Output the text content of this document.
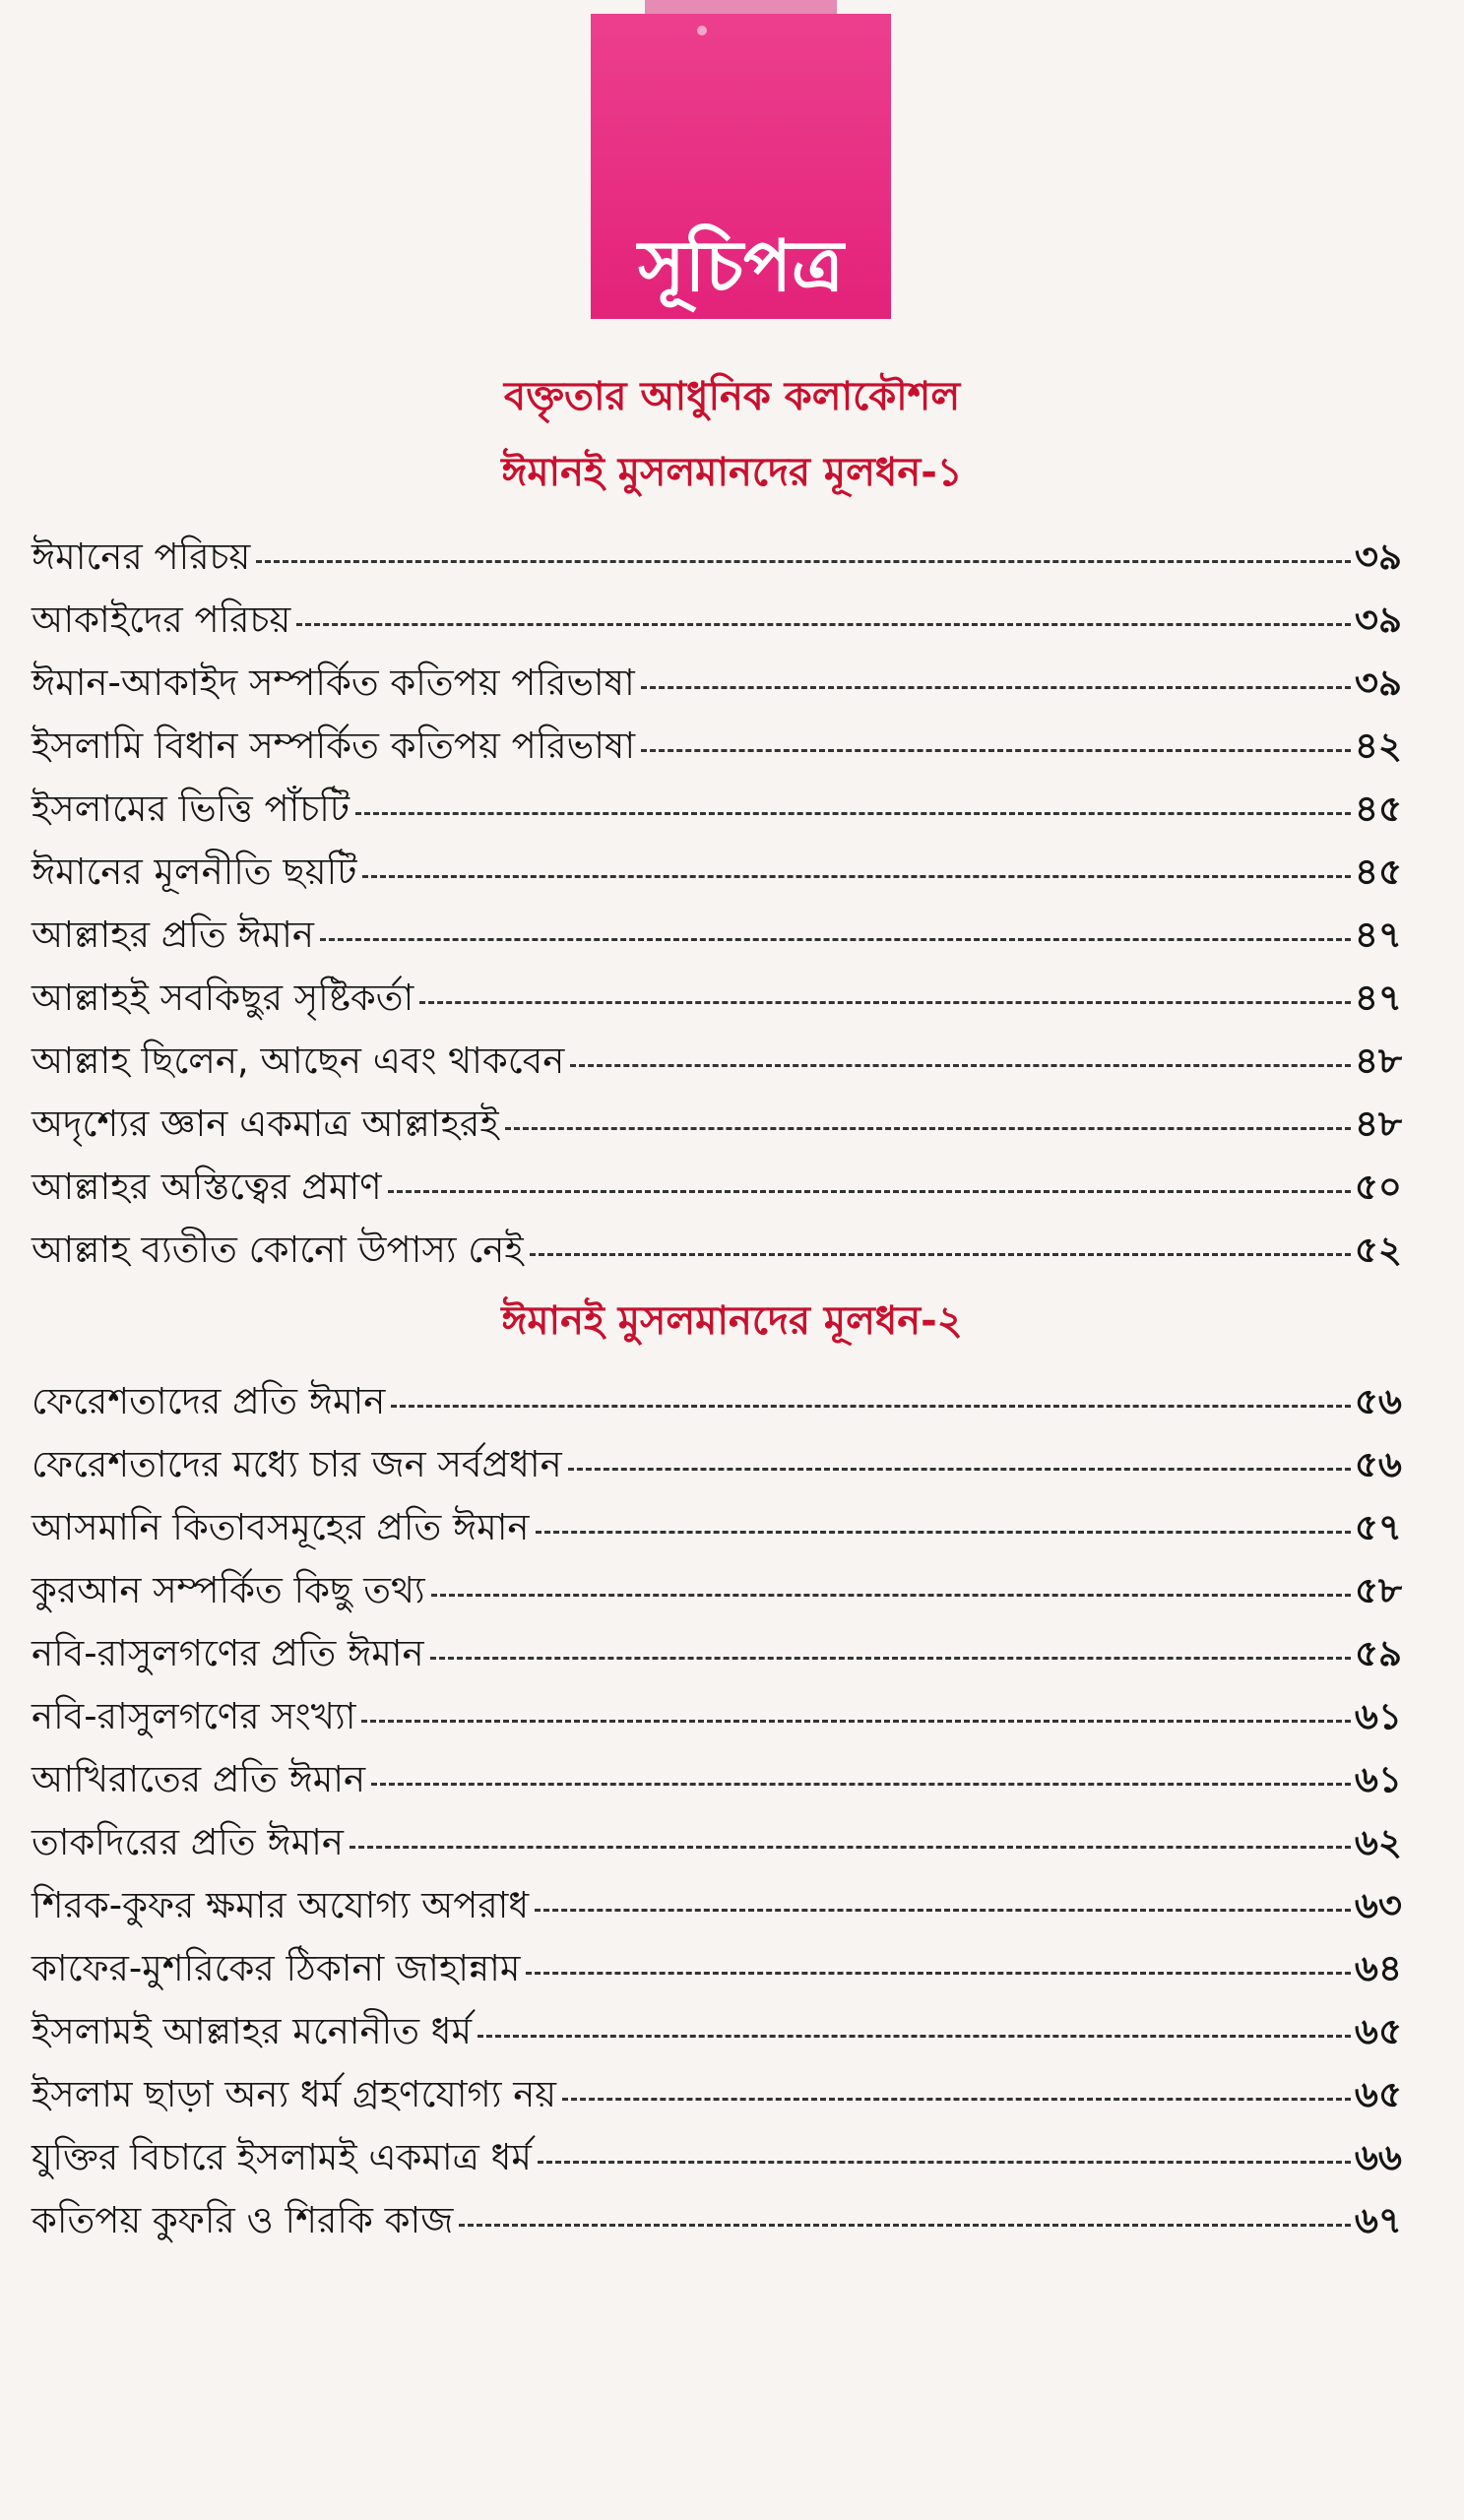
সূচিপত্র
বক্তৃতার আধুনিক কলাকৌশল
ঈমানই মুসলমানদের মূলধন-১
ঈমানের পরিচয়	৩৯
আকাইদের পরিচয়	৩৯
ঈমান-আকাইদ সম্পর্কিত কতিপয় পরিভাষা	৩৯
ইসলামি বিধান সম্পর্কিত কতিপয় পরিভাষা	৪২
ইসলামের ভিত্তি পাঁচটি	৪৫
ঈমানের মূলনীতি ছয়টি	৪৫
আল্লাহর প্রতি ঈমান	৪৭
আল্লাহই সবকিছুর সৃষ্টিকর্তা	৪৭
আল্লাহ ছিলেন, আছেন এবং থাকবেন	৪৮
অদৃশ্যের জ্ঞান একমাত্র আল্লাহরই	৪৮
আল্লাহর অস্তিত্বের প্রমাণ	৫০
আল্লাহ ব্যতীত কোনো উপাস্য নেই	৫২
ঈমানই মুসলমানদের মূলধন-২
ফেরেশতাদের প্রতি ঈমান	৫৬
ফেরেশতাদের মধ্যে চার জন সর্বপ্রধান	৫৬
আসমানি কিতাবসমূহের প্রতি ঈমান	৫৭
কুরআন সম্পর্কিত কিছু তথ্য	৫৮
নবি-রাসুলগণের প্রতি ঈমান	৫৯
নবি-রাসুলগণের সংখ্যা	৬১
আখিরাতের প্রতি ঈমান	৬১
তাকদিরের প্রতি ঈমান	৬২
শিরক-কুফর ক্ষমার অযোগ্য অপরাধ	৬৩
কাফের-মুশরিকের ঠিকানা জাহান্নাম	৬৪
ইসলামই আল্লাহর মনোনীত ধর্ম	৬৫
ইসলাম ছাড়া অন্য ধর্ম গ্রহণযোগ্য নয়	৬৫
যুক্তির বিচারে ইসলামই একমাত্র ধর্ম	৬৬
কতিপয় কুফরি ও শিরকি কাজ	৬৭
